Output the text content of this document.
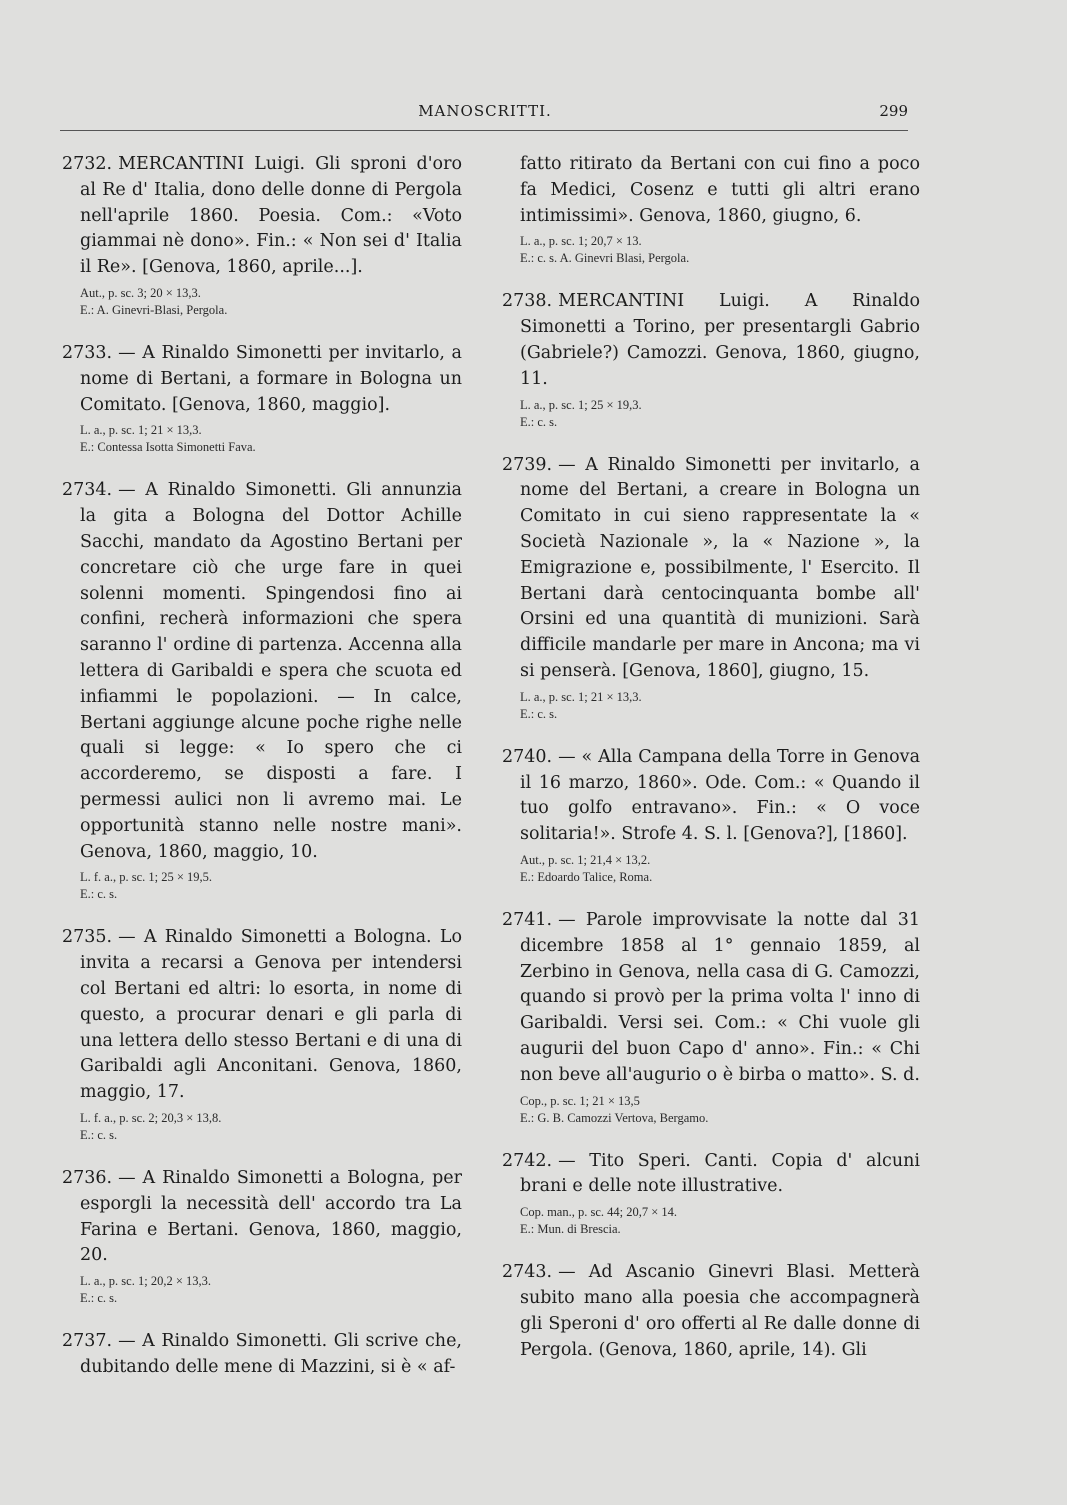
MANOSCRITTI.	299

2732. MERCANTINI Luigi. Gli sproni d'oro al Re d' Italia, dono delle donne di Pergola nell'aprile 1860. Poesia. Com.: «Voto giammai nè dono». Fin.: « Non sei d' Italia il Re». [Genova, 1860, aprile...].

Aut., p. sc. 3; 20 × 13,3.
E.: A. Ginevri-Blasi, Pergola.

2733. — A Rinaldo Simonetti per invitarlo, a nome di Bertani, a formare in Bologna un Comitato. [Genova, 1860, maggio].

L. a., p. sc. 1; 21 × 13,3.
E.: Contessa Isotta Simonetti Fava.

2734. — A Rinaldo Simonetti. Gli annunzia la gita a Bologna del Dottor Achille Sacchi, mandato da Agostino Bertani per concretare ciò che urge fare in quei solenni momenti. Spingendosi fino ai confini, recherà informazioni che spera saranno l' ordine di partenza. Accenna alla lettera di Garibaldi e spera che scuota ed infiammi le popolazioni. — In calce, Bertani aggiunge alcune poche righe nelle quali si legge: « Io spero che ci accorderemo, se disposti a fare. I permessi aulici non li avremo mai. Le opportunità stanno nelle nostre mani». Genova, 1860, maggio, 10.

L. f. a., p. sc. 1; 25 × 19,5.
E.: c. s.

2735. — A Rinaldo Simonetti a Bologna. Lo invita a recarsi a Genova per intendersi col Bertani ed altri: lo esorta, in nome di questo, a procurar denari e gli parla di una lettera dello stesso Bertani e di una di Garibaldi agli Anconitani. Genova, 1860, maggio, 17.

L. f. a., p. sc. 2; 20,3 × 13,8.
E.: c. s.

2736. — A Rinaldo Simonetti a Bologna, per esporgli la necessità dell' accordo tra La Farina e Bertani. Genova, 1860, maggio, 20.

L. a., p. sc. 1; 20,2 × 13,3.
E.: c. s.

2737. — A Rinaldo Simonetti. Gli scrive che, dubitando delle mene di Mazzini, si è « af-

fatto ritirato da Bertani con cui fino a poco fa Medici, Cosenz e tutti gli altri erano intimissimi». Genova, 1860, giugno, 6.

L. a., p. sc. 1; 20,7 × 13.
E.: c. s. A. Ginevri Blasi, Pergola.

2738. MERCANTINI Luigi. A Rinaldo Simonetti a Torino, per presentargli Gabrio (Gabriele?) Camozzi. Genova, 1860, giugno, 11.

L. a., p. sc. 1; 25 × 19,3.
E.: c. s.

2739. — A Rinaldo Simonetti per invitarlo, a nome del Bertani, a creare in Bologna un Comitato in cui sieno rappresentate la « Società Nazionale », la « Nazione », la Emigrazione e, possibilmente, l' Esercito. Il Bertani darà centocinquanta bombe all' Orsini ed una quantità di munizioni. Sarà difficile mandarle per mare in Ancona; ma vi si penserà. [Genova, 1860], giugno, 15.

L. a., p. sc. 1; 21 × 13,3.
E.: c. s.

2740. — « Alla Campana della Torre in Genova il 16 marzo, 1860». Ode. Com.: « Quando il tuo golfo entravano». Fin.: « O voce solitaria!». Strofe 4. S. l. [Genova?], [1860].

Aut., p. sc. 1; 21,4 × 13,2.
E.: Edoardo Talice, Roma.

2741. — Parole improvvisate la notte dal 31 dicembre 1858 al 1° gennaio 1859, al Zerbino in Genova, nella casa di G. Camozzi, quando si provò per la prima volta l' inno di Garibaldi. Versi sei. Com.: « Chi vuole gli augurii del buon Capo d' anno». Fin.: « Chi non beve all'augurio o è birba o matto». S. d.

Cop., p. sc. 1; 21 × 13,5
E.: G. B. Camozzi Vertova, Bergamo.

2742. — Tito Speri. Canti. Copia d' alcuni brani e delle note illustrative.

Cop. man., p. sc. 44; 20,7 × 14.
E.: Mun. di Brescia.

2743. — Ad Ascanio Ginevri Blasi. Metterà subito mano alla poesia che accompagnerà gli Speroni d' oro offerti al Re dalle donne di Pergola. (Genova, 1860, aprile, 14). Gli
